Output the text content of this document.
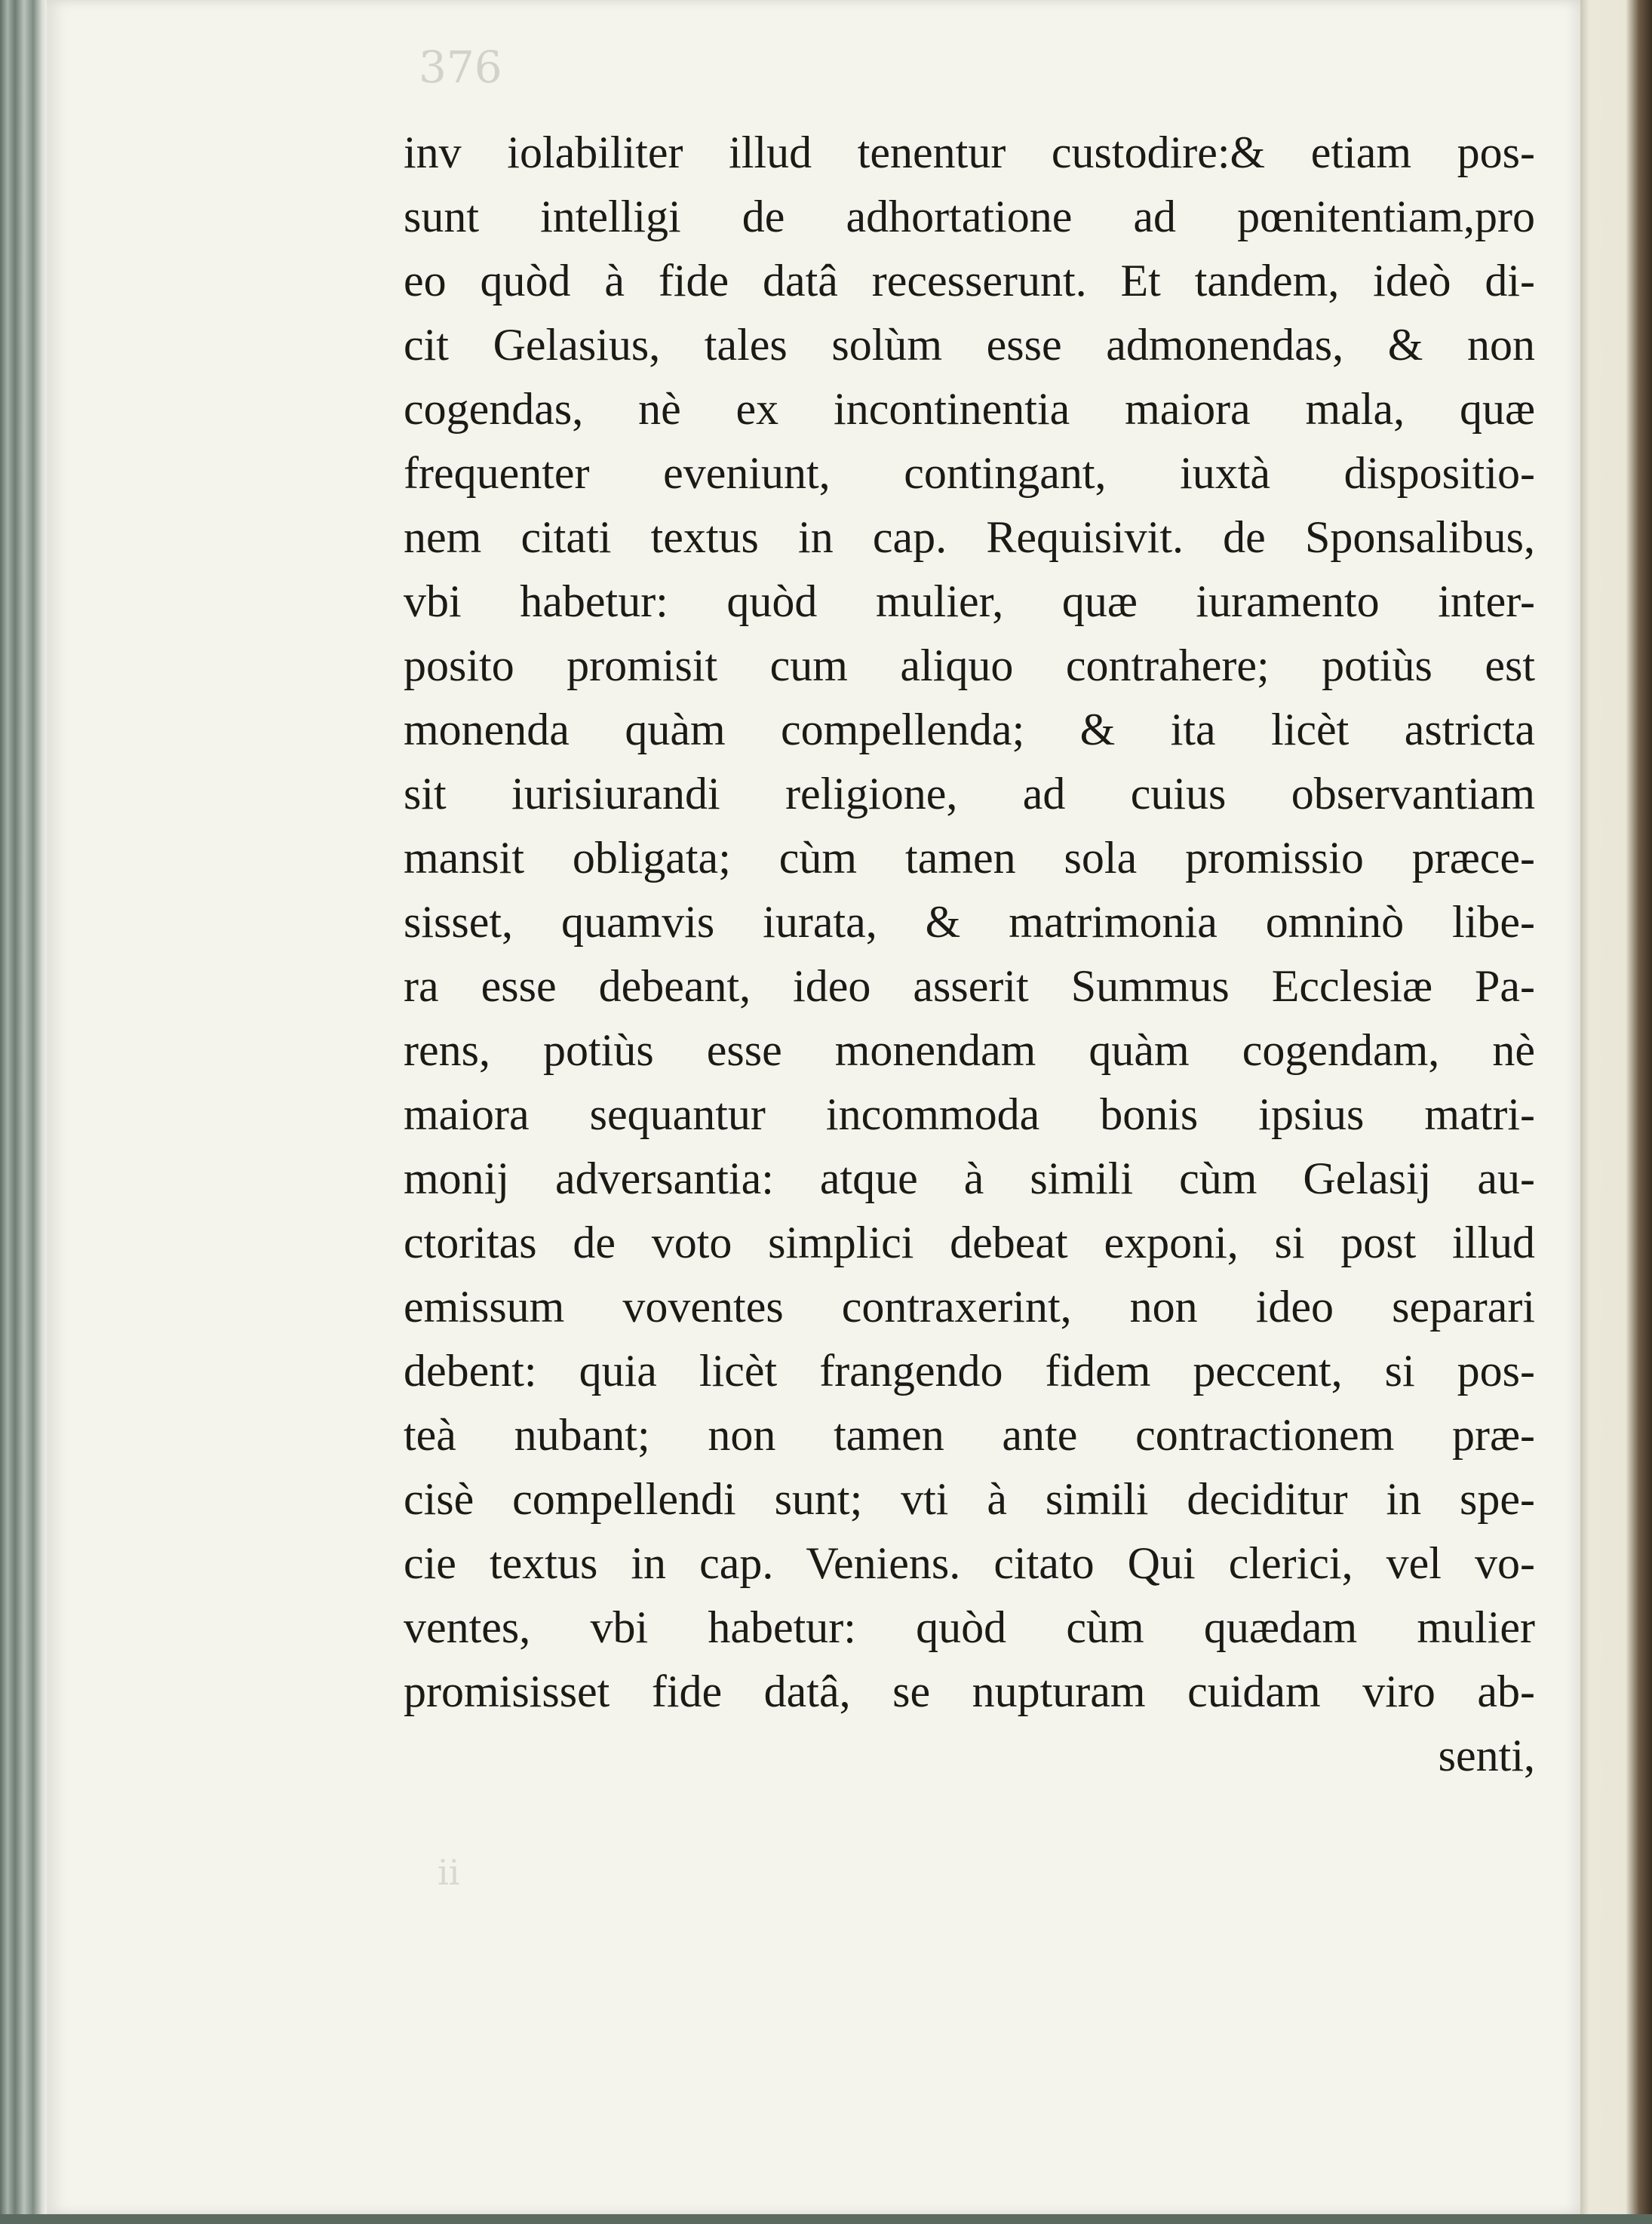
376
ii
inv iolabiliter illud tenentur custodire:& etiam pos-
sunt intelligi de adhortatione ad pœnitentiam,pro
eo quòd à fide datâ recesserunt. Et tandem, ideò di-
cit Gelasius, tales solùm esse admonendas, & non
cogendas, nè ex incontinentia maiora mala, quæ
frequenter eveniunt, contingant, iuxtà dispositio-
nem citati textus in cap. Requisivit. de Sponsalibus,
vbi habetur: quòd mulier, quæ iuramento inter-
posito promisit cum aliquo contrahere; potiùs est
monenda quàm compellenda; & ita licèt astricta
sit iurisiurandi religione, ad cuius observantiam
mansit obligata; cùm tamen sola promissio præce-
sisset, quamvis iurata, & matrimonia omninò libe-
ra esse debeant, ideo asserit Summus Ecclesiæ Pa-
rens, potiùs esse monendam quàm cogendam, nè
maiora sequantur incommoda bonis ipsius matri-
monij adversantia: atque à simili cùm Gelasij au-
ctoritas de voto simplici debeat exponi, si post illud
emissum voventes contraxerint, non ideo separari
debent: quia licèt frangendo fidem peccent, si pos-
teà nubant; non tamen ante contractionem præ-
cisè compellendi sunt; vti à simili deciditur in spe-
cie textus in cap. Veniens. citato Qui clerici, vel vo-
ventes, vbi habetur: quòd cùm quædam mulier
promisisset fide datâ, se nupturam cuidam viro ab-
senti,
